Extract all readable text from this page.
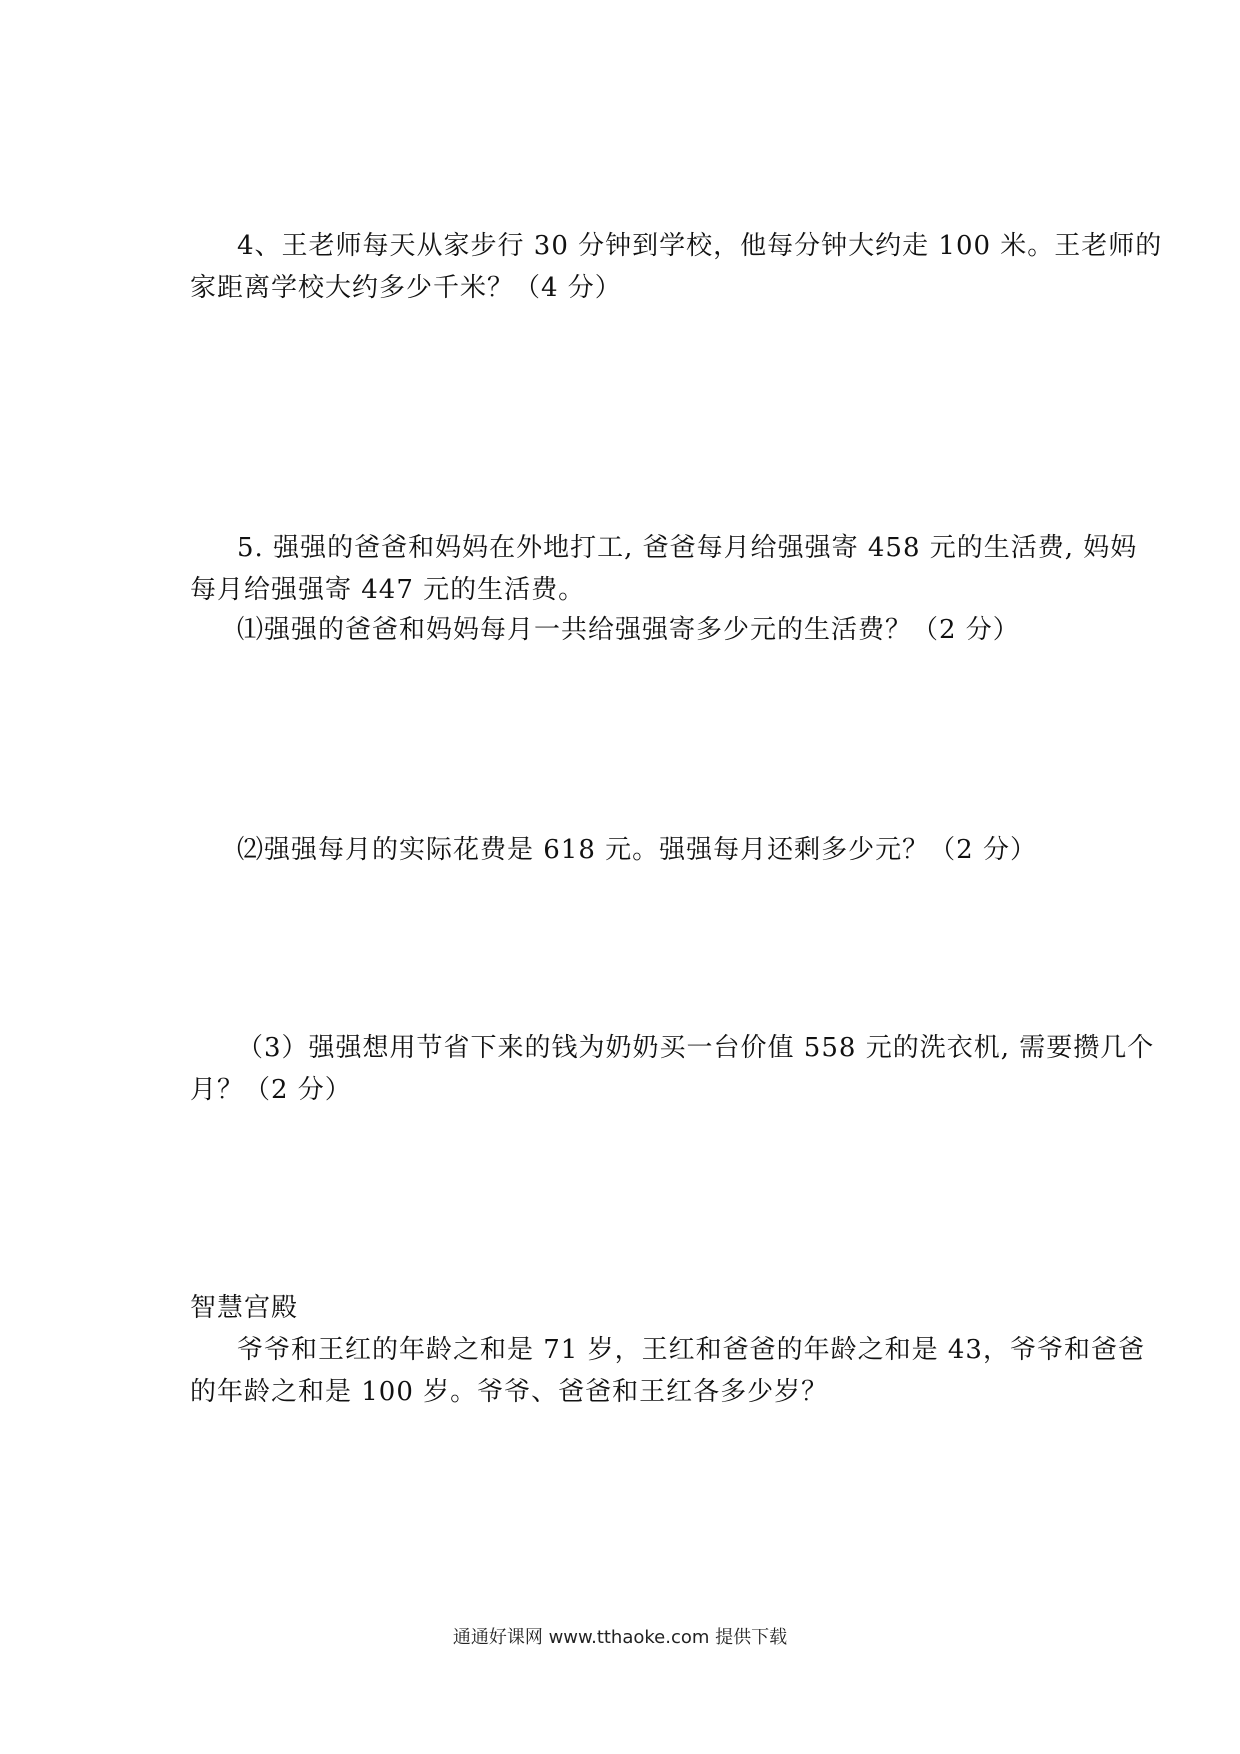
4、王老师每天从家步行 30 分钟到学校，他每分钟大约走 100 米。王老师的
家距离学校大约多少千米？（4 分）
5. 强强的爸爸和妈妈在外地打工, 爸爸每月给强强寄 458 元的生活费, 妈妈
每月给强强寄 447 元的生活费。
⑴强强的爸爸和妈妈每月一共给强强寄多少元的生活费？（2 分）
⑵强强每月的实际花费是 618 元。强强每月还剩多少元？（2 分）
（3）强强想用节省下来的钱为奶奶买一台价值 558 元的洗衣机, 需要攒几个
月？（2 分）
智慧宫殿
爷爷和王红的年龄之和是 71 岁，王红和爸爸的年龄之和是 43，爷爷和爸爸
的年龄之和是 100 岁。爷爷、爸爸和王红各多少岁？
通通好课网 www.tthaoke.com 提供下载
